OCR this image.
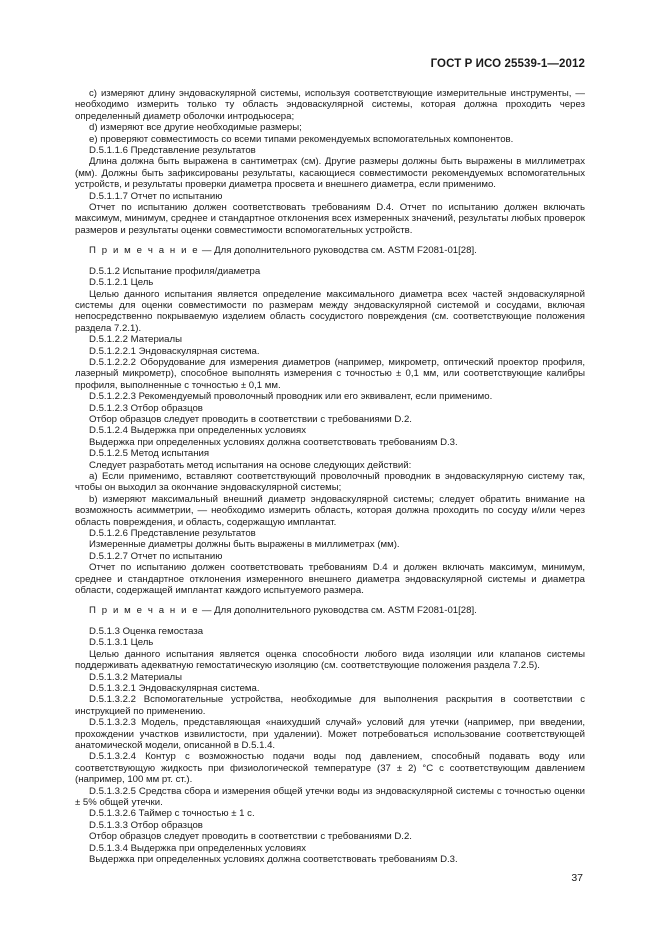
ГОСТ Р ИСО 25539-1—2012

c) измеряют длину эндоваскулярной системы, используя соответствующие измерительные инструменты, — необходимо измерить только ту область эндоваскулярной системы, которая должна проходить через определенный диаметр оболочки интродьюсера;

d) измеряют все другие необходимые размеры;

e) проверяют совместимость со всеми типами рекомендуемых вспомогательных компонентов.

D.5.1.1.6 Представление результатов

Длина должна быть выражена в сантиметрах (см). Другие размеры должны быть выражены в миллиметрах (мм). Должны быть зафиксированы результаты, касающиеся совместимости рекомендуемых вспомогательных устройств, и результаты проверки диаметра просвета и внешнего диаметра, если применимо.

D.5.1.1.7 Отчет по испытанию

Отчет по испытанию должен соответствовать требованиям D.4. Отчет по испытанию должен включать максимум, минимум, среднее и стандартное отклонения всех измеренных значений, результаты любых проверок размеров и результаты оценки совместимости вспомогательных устройств.

П р и м е ч а н и е — Для дополнительного руководства см. ASTM F2081-01[28].

D.5.1.2 Испытание профиля/диаметра

D.5.1.2.1 Цель

Целью данного испытания является определение максимального диаметра всех частей эндоваскулярной системы для оценки совместимости по размерам между эндоваскулярной системой и сосудами, включая непосредственно покрываемую изделием область сосудистого повреждения (см. соответствующие положения раздела 7.2.1).

D.5.1.2.2 Материалы

D.5.1.2.2.1 Эндоваскулярная система.

D.5.1.2.2.2 Оборудование для измерения диаметров (например, микрометр, оптический проектор профиля, лазерный микрометр), способное выполнять измерения с точностью ± 0,1 мм, или соответствующие калибры профиля, выполненные с точностью ± 0,1 мм.

D.5.1.2.2.3 Рекомендуемый проволочный проводник или его эквивалент, если применимо.

D.5.1.2.3 Отбор образцов

Отбор образцов следует проводить в соответствии с требованиями D.2.

D.5.1.2.4 Выдержка при определенных условиях

Выдержка при определенных условиях должна соответствовать требованиям D.3.

D.5.1.2.5 Метод испытания

Следует разработать метод испытания на основе следующих действий:

a) Если применимо, вставляют соответствующий проволочный проводник в эндоваскулярную систему так, чтобы он выходил за окончание эндоваскулярной системы;

b) измеряют максимальный внешний диаметр эндоваскулярной системы; следует обратить внимание на возможность асимметрии, — необходимо измерить область, которая должна проходить по сосуду и/или через область повреждения, и область, содержащую имплантат.

D.5.1.2.6 Представление результатов

Измеренные диаметры должны быть выражены в миллиметрах (мм).

D.5.1.2.7 Отчет по испытанию

Отчет по испытанию должен соответствовать требованиям D.4 и должен включать максимум, минимум, среднее и стандартное отклонения измеренного внешнего диаметра эндоваскулярной системы и диаметра области, содержащей имплантат каждого испытуемого размера.

П р и м е ч а н и е — Для дополнительного руководства см. ASTM F2081-01[28].

D.5.1.3 Оценка гемостаза

D.5.1.3.1 Цель

Целью данного испытания является оценка способности любого вида изоляции или клапанов системы поддерживать адекватную гемостатическую изоляцию (см. соответствующие положения раздела 7.2.5).

D.5.1.3.2 Материалы

D.5.1.3.2.1 Эндоваскулярная система.

D.5.1.3.2.2 Вспомогательные устройства, необходимые для выполнения раскрытия в соответствии с инструкцией по применению.

D.5.1.3.2.3 Модель, представляющая «наихудший случай» условий для утечки (например, при введении, прохождении участков извилистости, при удалении). Может потребоваться использование соответствующей анатомической модели, описанной в D.5.1.4.

D.5.1.3.2.4 Контур с возможностью подачи воды под давлением, способный подавать воду или соответствующую жидкость при физиологической температуре (37 ± 2) °C с соответствующим давлением (например, 100 мм рт. ст.).

D.5.1.3.2.5 Средства сбора и измерения общей утечки воды из эндоваскулярной системы с точностью оценки ± 5% общей утечки.

D.5.1.3.2.6 Таймер с точностью ± 1 с.

D.5.1.3.3 Отбор образцов

Отбор образцов следует проводить в соответствии с требованиями D.2.

D.5.1.3.4 Выдержка при определенных условиях

Выдержка при определенных условиях должна соответствовать требованиям D.3.

37
